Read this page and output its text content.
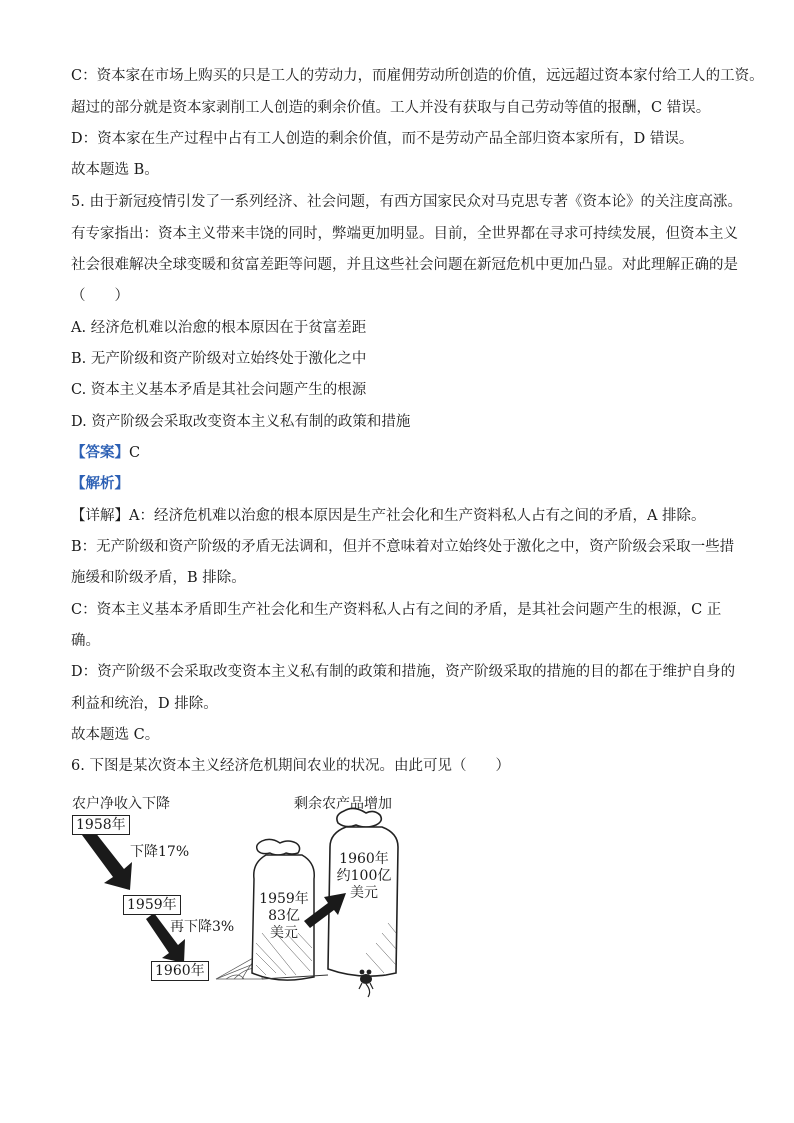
C：资本家在市场上购买的只是工人的劳动力，而雇佣劳动所创造的价值，远远超过资本家付给工人的工资。
超过的部分就是资本家剥削工人创造的剩余价值。工人并没有获取与自己劳动等值的报酬，C 错误。
D：资本家在生产过程中占有工人创造的剩余价值，而不是劳动产品全部归资本家所有，D 错误。
故本题选 B。
5. 由于新冠疫情引发了一系列经济、社会问题，有西方国家民众对马克思专著《资本论》的关注度高涨。
有专家指出：资本主义带来丰饶的同时，弊端更加明显。目前，全世界都在寻求可持续发展，但资本主义
社会很难解决全球变暖和贫富差距等问题，并且这些社会问题在新冠危机中更加凸显。对此理解正确的是
（　　）
A. 经济危机难以治愈的根本原因在于贫富差距
B. 无产阶级和资产阶级对立始终处于激化之中
C. 资本主义基本矛盾是其社会问题产生的根源
D. 资产阶级会采取改变资本主义私有制的政策和措施
【答案】C
【解析】
【详解】A：经济危机难以治愈的根本原因是生产社会化和生产资料私人占有之间的矛盾，A 排除。
B：无产阶级和资产阶级的矛盾无法调和，但并不意味着对立始终处于激化之中，资产阶级会采取一些措
施缓和阶级矛盾，B 排除。
C：资本主义基本矛盾即生产社会化和生产资料私人占有之间的矛盾，是其社会问题产生的根源，C 正
确。
D：资产阶级不会采取改变资本主义私有制的政策和措施，资产阶级采取的措施的目的都在于维护自身的
利益和统治，D 排除。
故本题选 C。
6. 下图是某次资本主义经济危机期间农业的状况。由此可见（　　）
农户净收入下降	剩余农产品增加
1958年
下降17%
1959年
再下降3%
1960年
1959年
83亿
美元
1960年
约100亿
美元
